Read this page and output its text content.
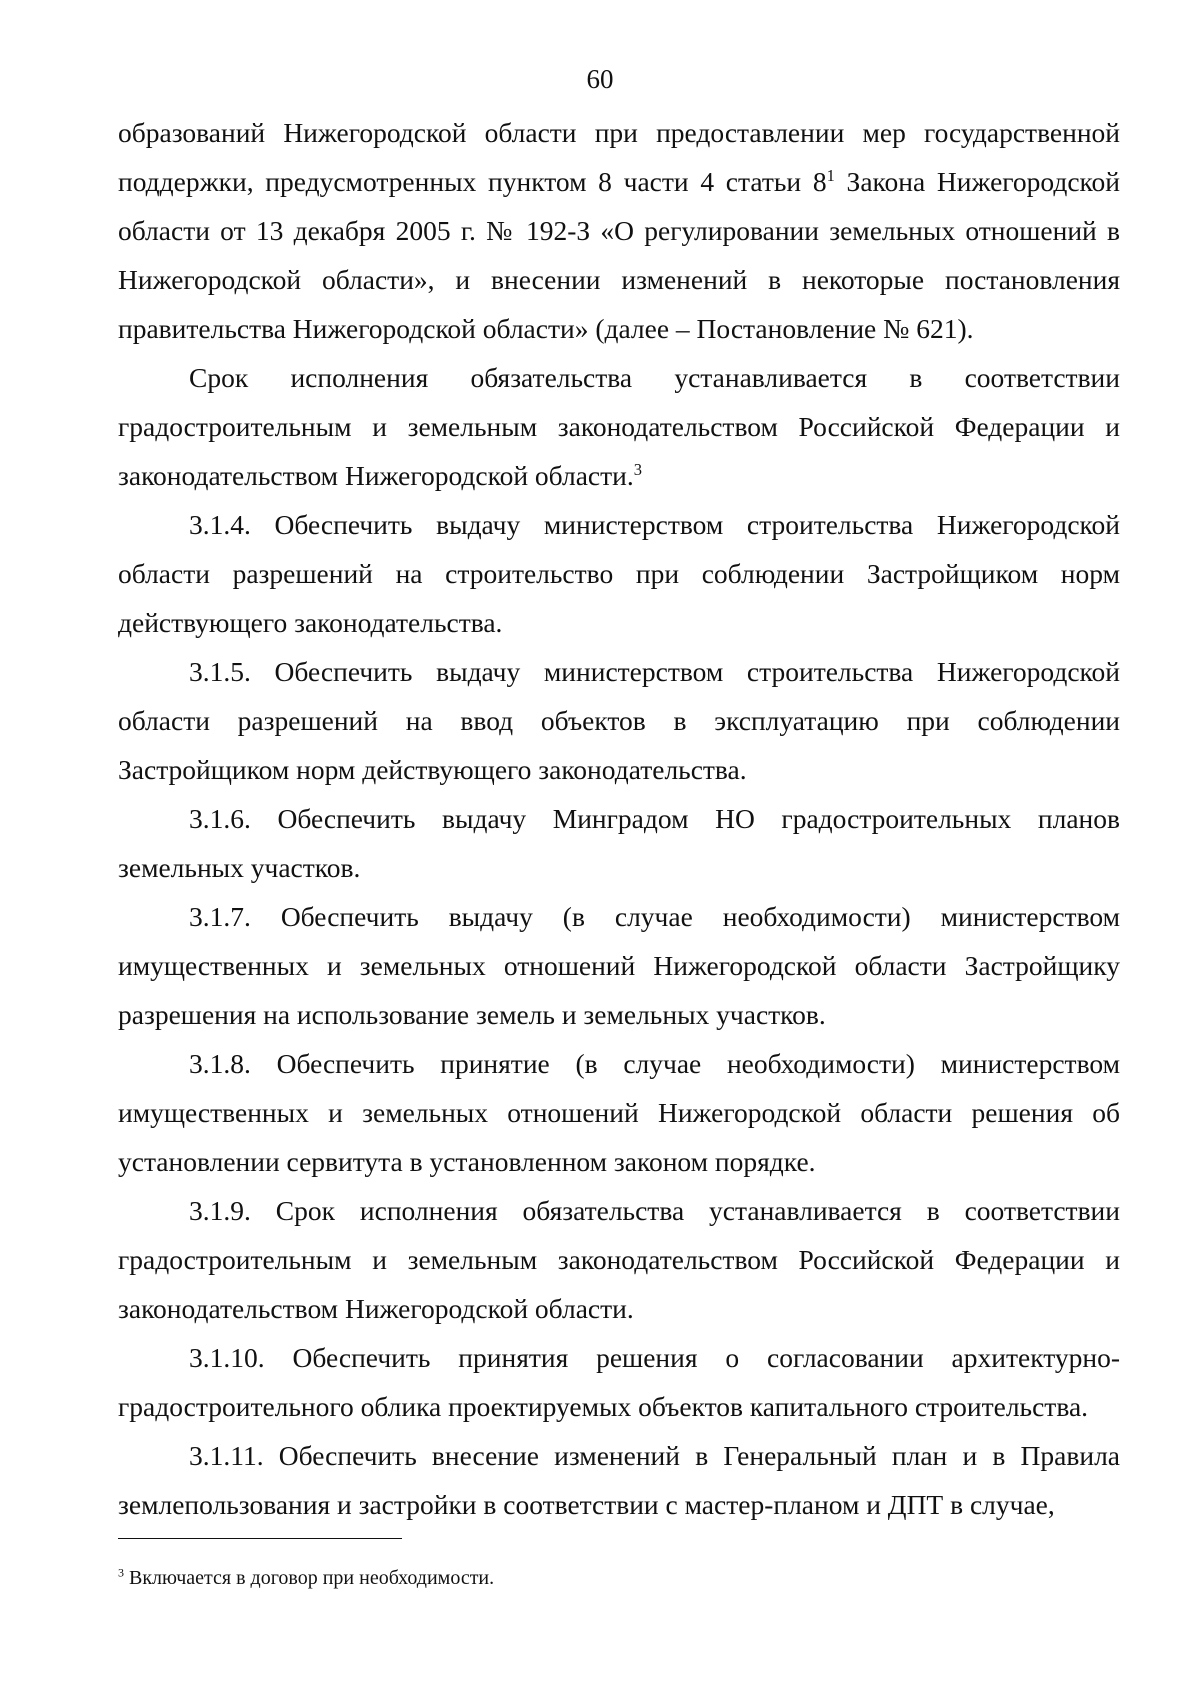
60

образований Нижегородской области при предоставлении мер государственной поддержки, предусмотренных пунктом 8 части 4 статьи $8^1$ Закона Нижегородской области от 13 декабря 2005 г. № 192-З «О регулировании земельных отношений в Нижегородской области», и внесении изменений в некоторые постановления правительства Нижегородской области» (далее – Постановление № 621).

Срок исполнения обязательства устанавливается в соответствии градостроительным и земельным законодательством Российской Федерации и законодательством Нижегородской области.$^3$

3.1.4. Обеспечить выдачу министерством строительства Нижегородской области разрешений на строительство при соблюдении Застройщиком норм действующего законодательства.

3.1.5. Обеспечить выдачу министерством строительства Нижегородской области разрешений на ввод объектов в эксплуатацию при соблюдении Застройщиком норм действующего законодательства.

3.1.6. Обеспечить выдачу Минградом НО градостроительных планов земельных участков.

3.1.7. Обеспечить выдачу (в случае необходимости) министерством имущественных и земельных отношений Нижегородской области Застройщику разрешения на использование земель и земельных участков.

3.1.8. Обеспечить принятие (в случае необходимости) министерством имущественных и земельных отношений Нижегородской области решения об установлении сервитута в установленном законом порядке.

3.1.9. Срок исполнения обязательства устанавливается в соответствии градостроительным и земельным законодательством Российской Федерации и законодательством Нижегородской области.

3.1.10. Обеспечить принятия решения о согласовании архитектурно-градостроительного облика проектируемых объектов капитального строительства.

3.1.11. Обеспечить внесение изменений в Генеральный план и в Правила землепользования и застройки в соответствии с мастер-планом и ДПТ в случае,

$^3$ Включается в договор при необходимости.
